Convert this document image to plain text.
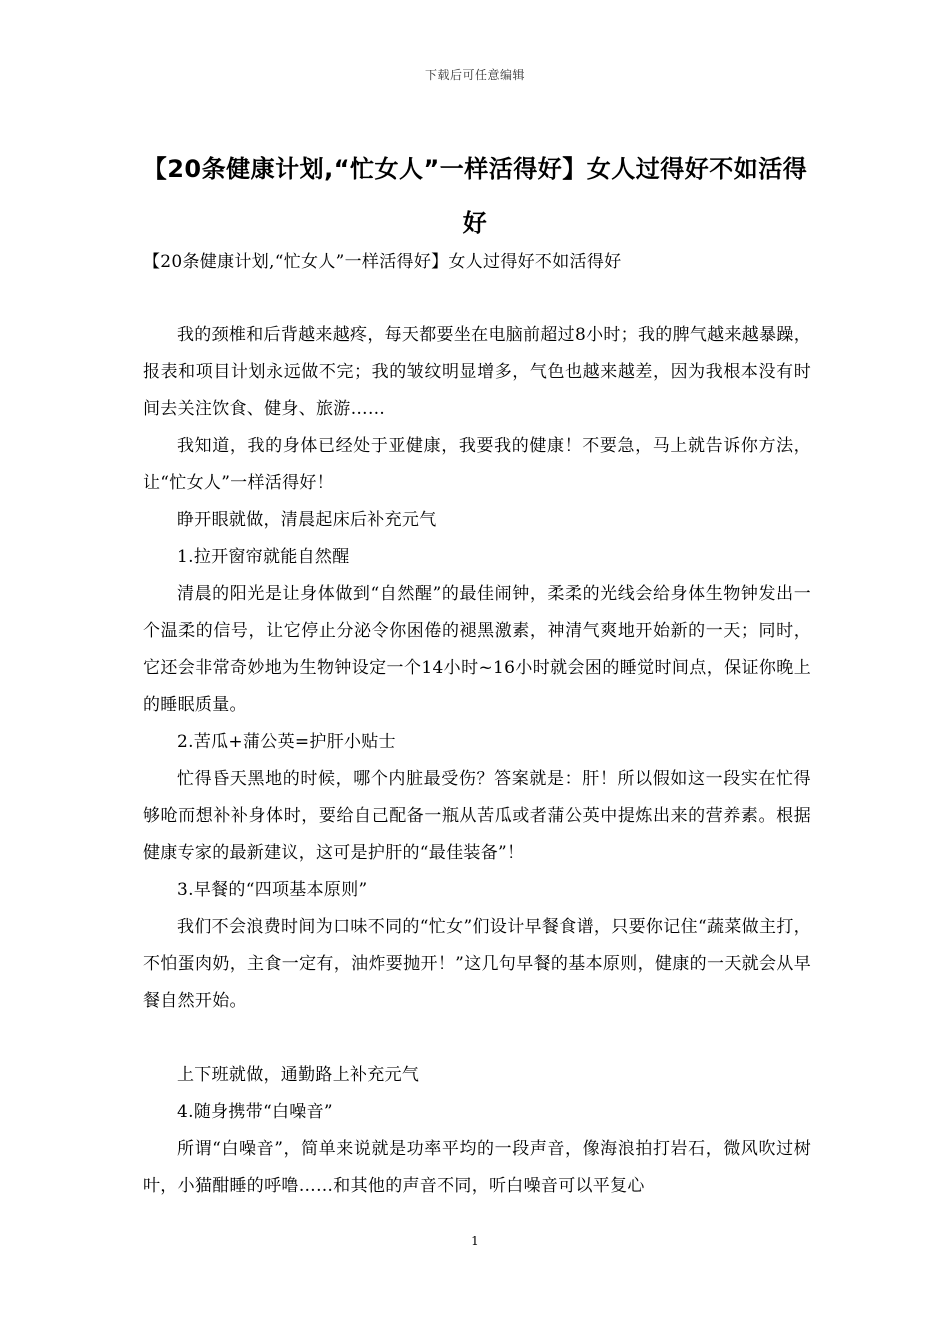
下载后可任意编辑
【20条健康计划,“忙女人”一样活得好】女人过得好不如活得好

【20条健康计划,“忙女人”一样活得好】女人过得好不如活得好

我的颈椎和后背越来越疼，每天都要坐在电脑前超过8小时；我的脾气越来越暴躁，报表和项目计划永远做不完；我的皱纹明显增多，气色也越来越差，因为我根本没有时间去关注饮食、健身、旅游……

我知道，我的身体已经处于亚健康，我要我的健康！不要急，马上就告诉你方法，让“忙女人”一样活得好！

睁开眼就做，清晨起床后补充元气

1.拉开窗帘就能自然醒

清晨的阳光是让身体做到“自然醒”的最佳闹钟，柔柔的光线会给身体生物钟发出一个温柔的信号，让它停止分泌令你困倦的褪黑激素，神清气爽地开始新的一天；同时，它还会非常奇妙地为生物钟设定一个14小时~16小时就会困的睡觉时间点，保证你晚上的睡眠质量。

2.苦瓜+蒲公英=护肝小贴士

忙得昏天黑地的时候，哪个内脏最受伤？答案就是：肝！所以假如这一段实在忙得够呛而想补补身体时，要给自己配备一瓶从苦瓜或者蒲公英中提炼出来的营养素。根据健康专家的最新建议，这可是护肝的“最佳装备”！

3.早餐的“四项基本原则”

我们不会浪费时间为口味不同的“忙女”们设计早餐食谱，只要你记住“蔬菜做主打，不怕蛋肉奶，主食一定有，油炸要抛开！”这几句早餐的基本原则，健康的一天就会从早餐自然开始。

上下班就做，通勤路上补充元气

4.随身携带“白噪音”

所谓“白噪音”，简单来说就是功率平均的一段声音，像海浪拍打岩石，微风吹过树叶，小猫酣睡的呼噜……和其他的声音不同，听白噪音可以平复心

1
